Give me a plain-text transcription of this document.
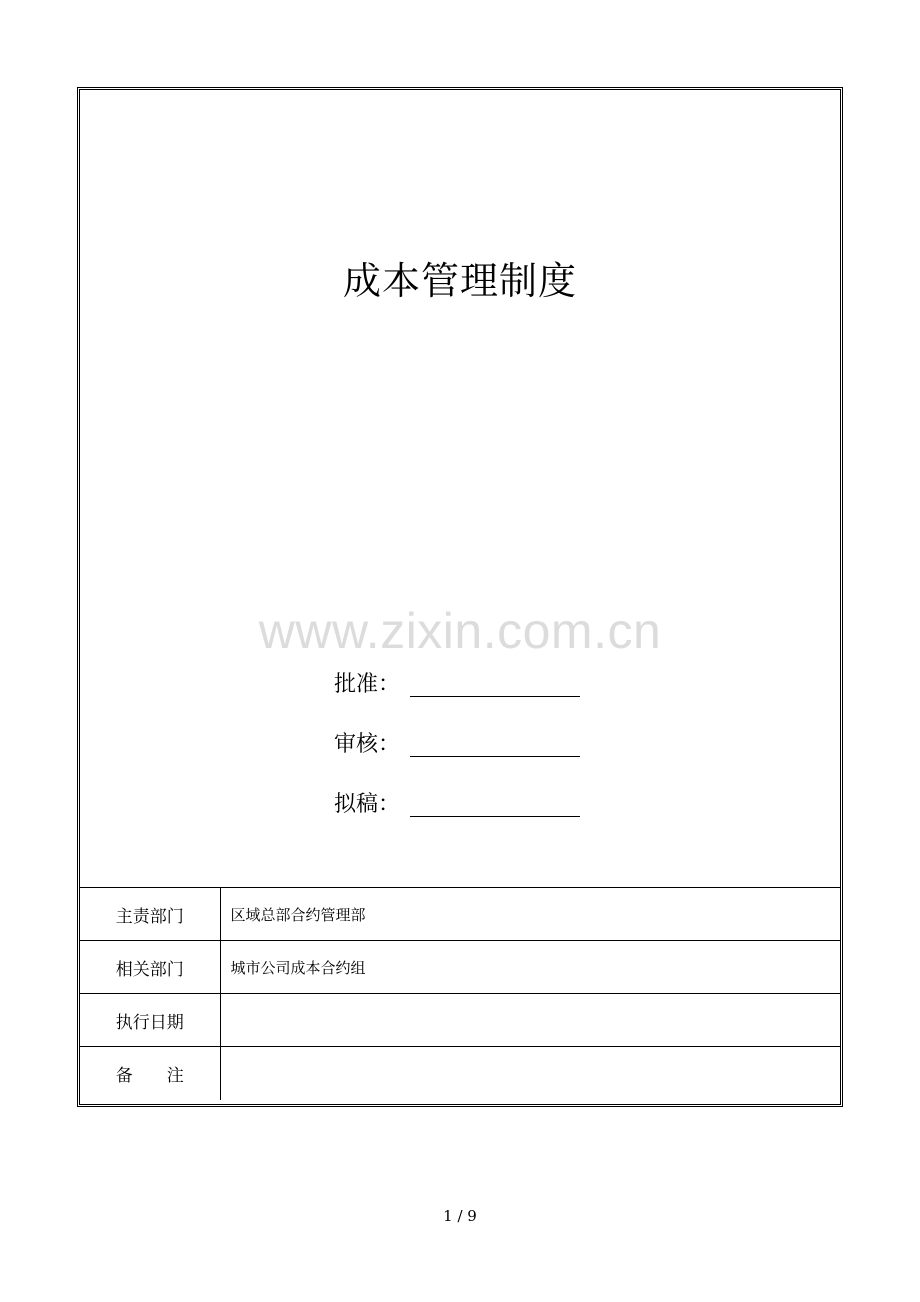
成本管理制度
www.zixin.com.cn
批准：
审核：
拟稿：
主责部门	区域总部合约管理部
相关部门	城市公司成本合约组
执行日期	
备注	
1 / 9
